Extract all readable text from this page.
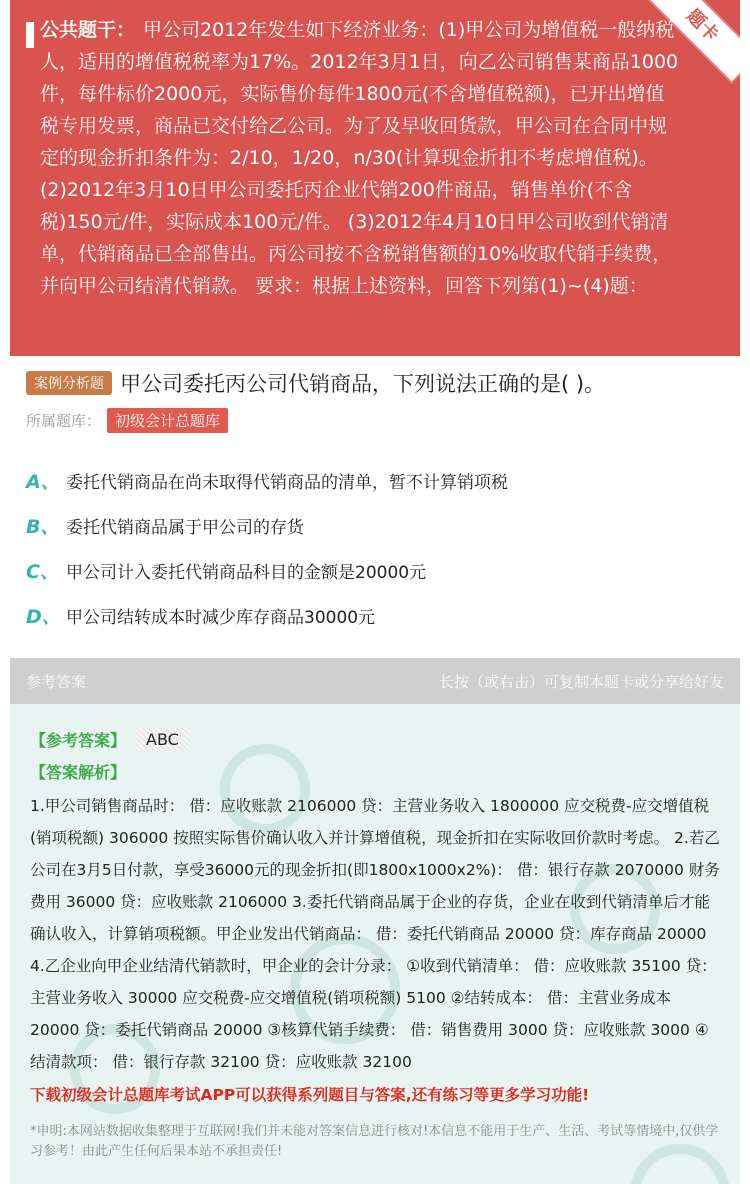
公共题干： 甲公司2012年发生如下经济业务：(1)甲公司为增值税一般纳税人，适用的增值税税率为17%。2012年3月1日，向乙公司销售某商品1000件，每件标价2000元，实际售价每件1800元(不含增值税额)，已开出增值税专用发票，商品已交付给乙公司。为了及早收回货款，甲公司在合同中规定的现金折扣条件为：2/10，1/20，n/30(计算现金折扣不考虑增值税)。 (2)2012年3月10日甲公司委托丙企业代销200件商品，销售单价(不含税)150元/件，实际成本100元/件。 (3)2012年4月10日甲公司收到代销清单，代销商品已全部售出。丙公司按不含税销售额的10%收取代销手续费，并向甲公司结清代销款。 要求：根据上述资料，回答下列第(1)~(4)题：
题卡
案例分析题 甲公司委托丙公司代销商品，下列说法正确的是( )。
所属题库： 初级会计总题库
A、 委托代销商品在尚未取得代销商品的清单，暂不计算销项税
B、 委托代销商品属于甲公司的存货
C、 甲公司计入委托代销商品科目的金额是20000元
D、 甲公司结转成本时减少库存商品30000元
参考答案	长按（或右击）可复制本题卡或分享给好友
【参考答案】	ABC
【答案解析】
1.甲公司销售商品时： 借：应收账款 2106000 贷：主营业务收入 1800000 应交税费-应交增值税(销项税额) 306000 按照实际售价确认收入并计算增值税，现金折扣在实际收回价款时考虑。 2.若乙公司在3月5日付款，享受36000元的现金折扣(即1800x1000x2%)： 借：银行存款 2070000 财务费用 36000 贷：应收账款 2106000 3.委托代销商品属于企业的存货，企业在收到代销清单后才能确认收入，计算销项税额。甲企业发出代销商品： 借：委托代销商品 20000 贷：库存商品 20000 4.乙企业向甲企业结清代销款时，甲企业的会计分录： ①收到代销清单： 借：应收账款 35100 贷：主营业务收入 30000 应交税费-应交增值税(销项税额) 5100 ②结转成本： 借：主营业务成本 20000 贷：委托代销商品 20000 ③核算代销手续费： 借：销售费用 3000 贷：应收账款 3000 ④结清款项： 借：银行存款 32100 贷：应收账款 32100
下载初级会计总题库考试APP可以获得系列题目与答案,还有练习等更多学习功能!
*申明:本网站数据收集整理于互联网!我们并未能对答案信息进行核对!本信息不能用于生产、生活、考试等情境中,仅供学习参考！由此产生任何后果本站不承担责任!
